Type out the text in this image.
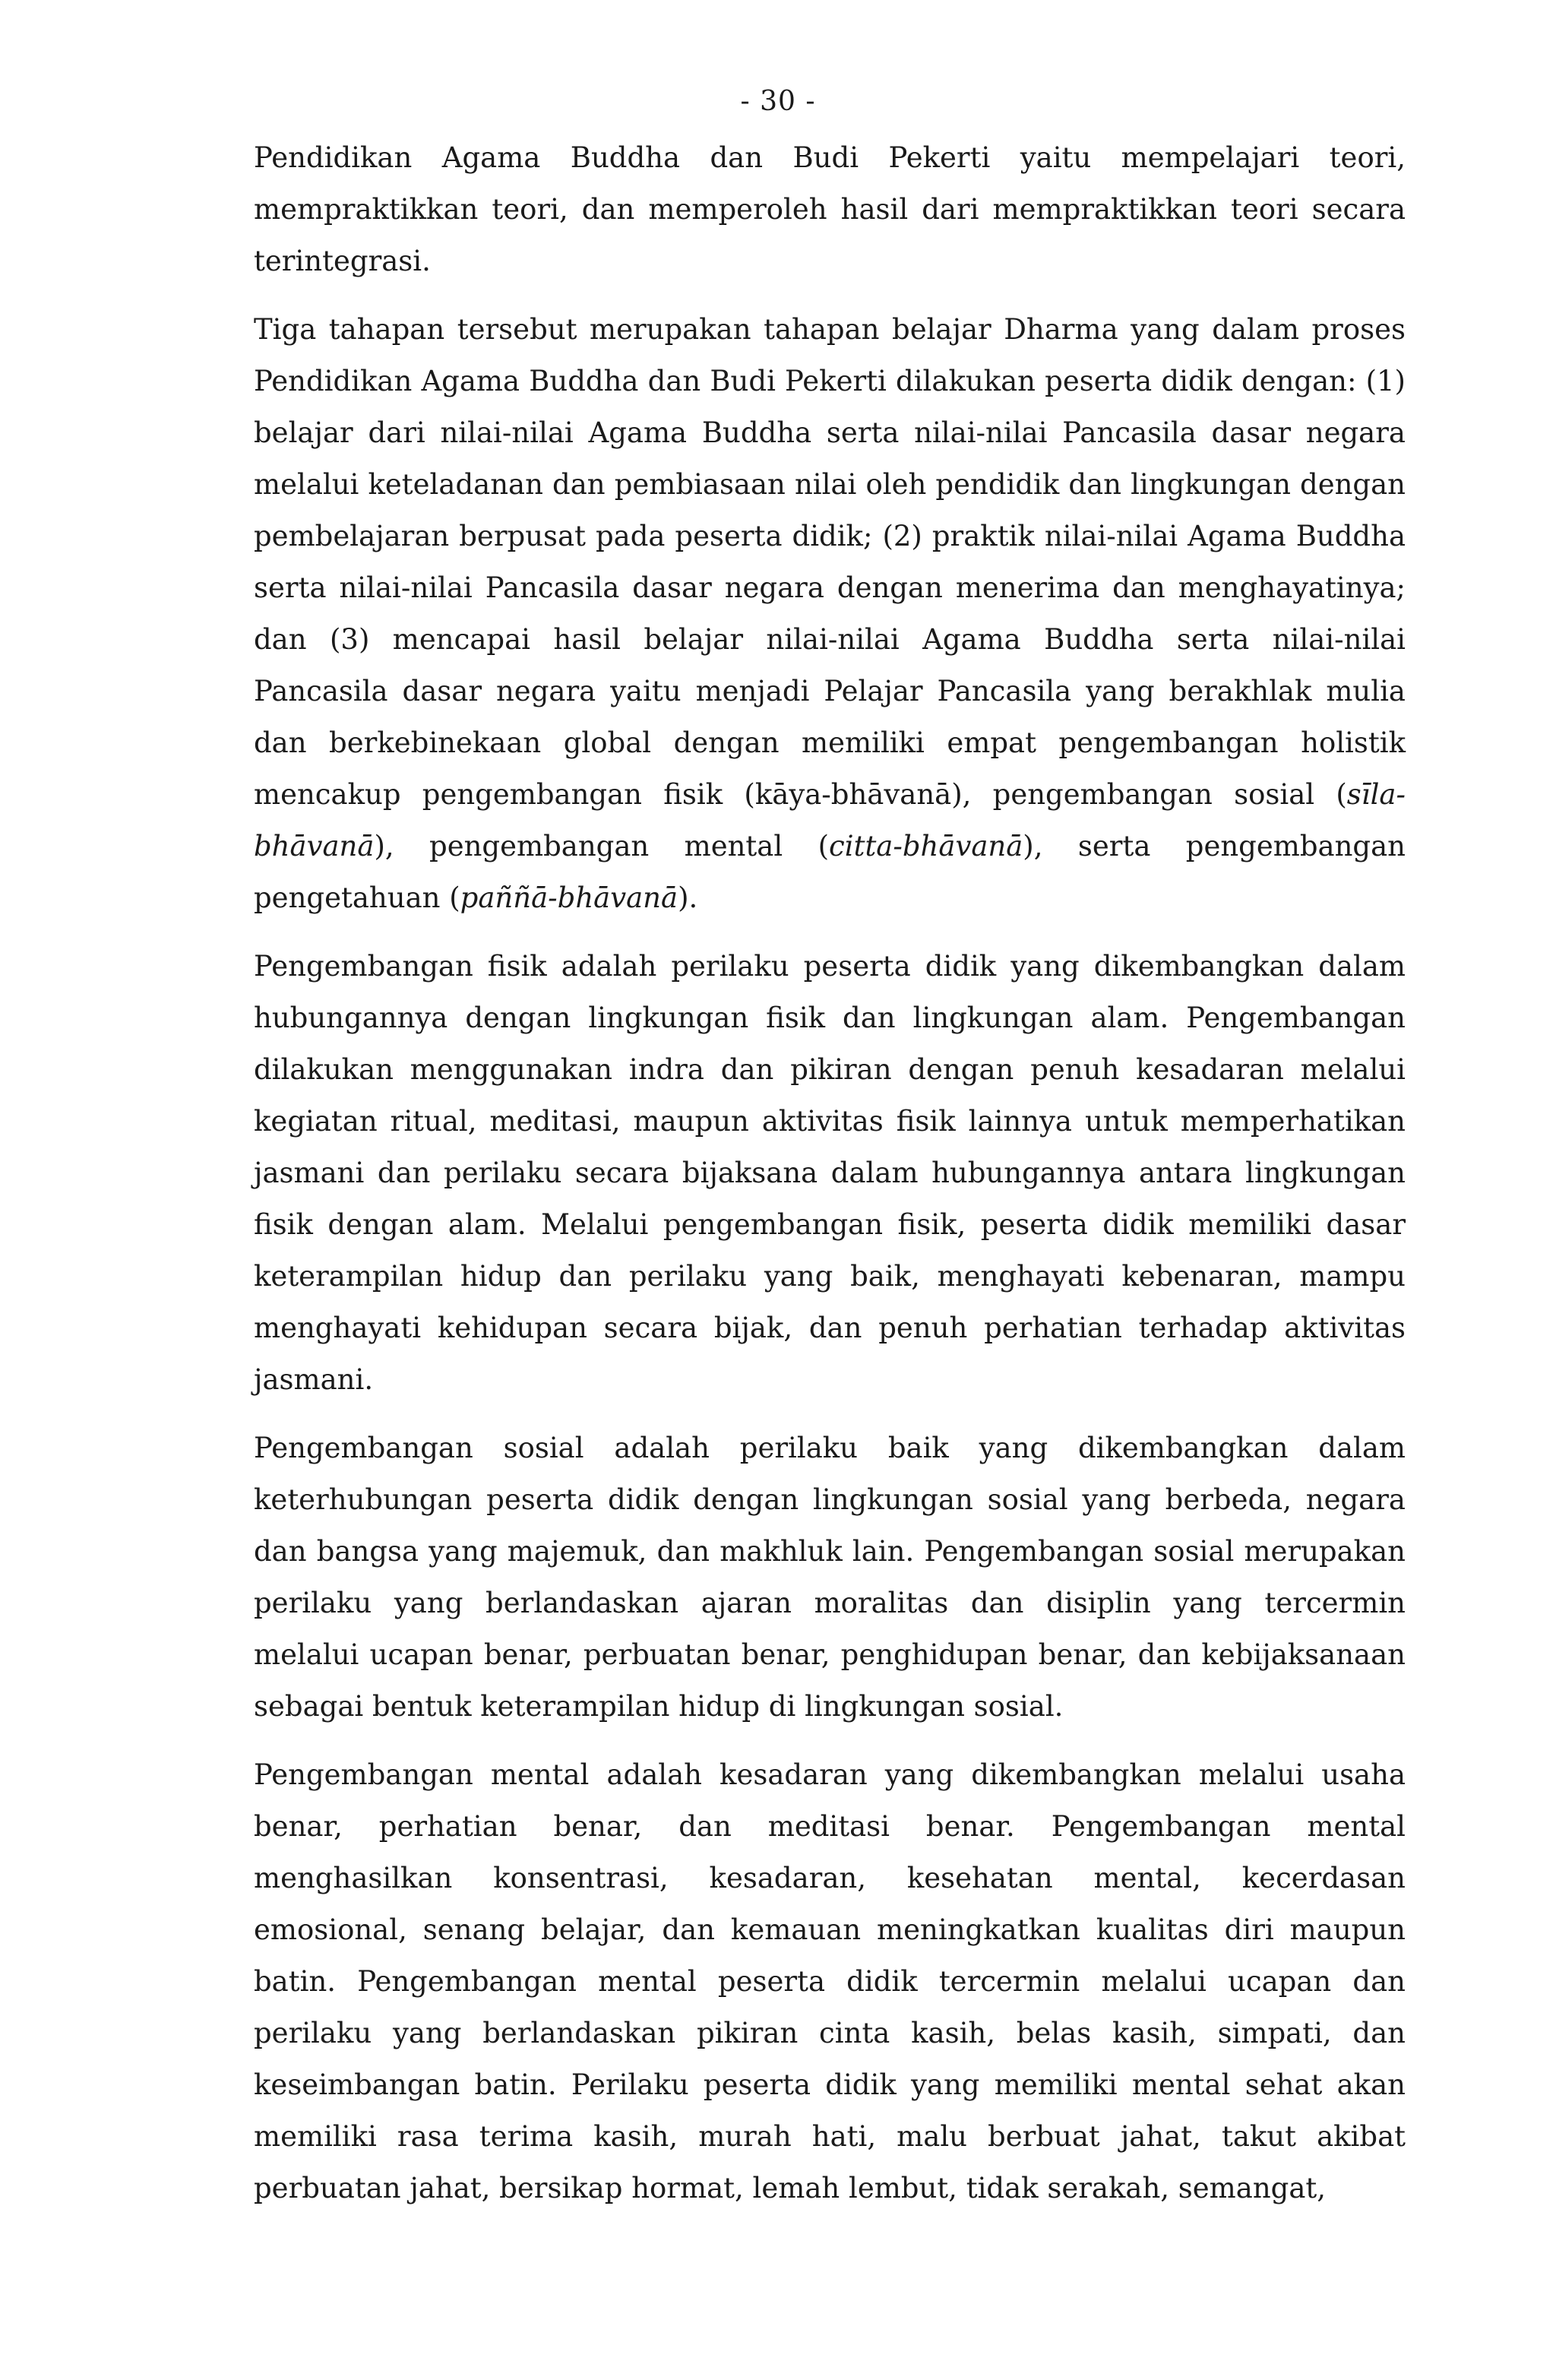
- 30 -

Pendidikan Agama Buddha dan Budi Pekerti yaitu mempelajari teori, mempraktikkan teori, dan memperoleh hasil dari mempraktikkan teori secara terintegrasi.

Tiga tahapan tersebut merupakan tahapan belajar Dharma yang dalam proses Pendidikan Agama Buddha dan Budi Pekerti dilakukan peserta didik dengan: (1) belajar dari nilai-nilai Agama Buddha serta nilai-nilai Pancasila dasar negara melalui keteladanan dan pembiasaan nilai oleh pendidik dan lingkungan dengan pembelajaran berpusat pada peserta didik; (2) praktik nilai-nilai Agama Buddha serta nilai-nilai Pancasila dasar negara dengan menerima dan menghayatinya; dan (3) mencapai hasil belajar nilai-nilai Agama Buddha serta nilai-nilai Pancasila dasar negara yaitu menjadi Pelajar Pancasila yang berakhlak mulia dan berkebinekaan global dengan memiliki empat pengembangan holistik mencakup pengembangan fisik (kāya-bhāvanā), pengembangan sosial (sīla-bhāvanā), pengembangan mental (citta-bhāvanā), serta pengembangan pengetahuan (paññā-bhāvanā).

Pengembangan fisik adalah perilaku peserta didik yang dikembangkan dalam hubungannya dengan lingkungan fisik dan lingkungan alam. Pengembangan dilakukan menggunakan indra dan pikiran dengan penuh kesadaran melalui kegiatan ritual, meditasi, maupun aktivitas fisik lainnya untuk memperhatikan jasmani dan perilaku secara bijaksana dalam hubungannya antara lingkungan fisik dengan alam. Melalui pengembangan fisik, peserta didik memiliki dasar keterampilan hidup dan perilaku yang baik, menghayati kebenaran, mampu menghayati kehidupan secara bijak, dan penuh perhatian terhadap aktivitas jasmani.

Pengembangan sosial adalah perilaku baik yang dikembangkan dalam keterhubungan peserta didik dengan lingkungan sosial yang berbeda, negara dan bangsa yang majemuk, dan makhluk lain. Pengembangan sosial merupakan perilaku yang berlandaskan ajaran moralitas dan disiplin yang tercermin melalui ucapan benar, perbuatan benar, penghidupan benar, dan kebijaksanaan sebagai bentuk keterampilan hidup di lingkungan sosial.

Pengembangan mental adalah kesadaran yang dikembangkan melalui usaha benar, perhatian benar, dan meditasi benar. Pengembangan mental menghasilkan konsentrasi, kesadaran, kesehatan mental, kecerdasan emosional, senang belajar, dan kemauan meningkatkan kualitas diri maupun batin. Pengembangan mental peserta didik tercermin melalui ucapan dan perilaku yang berlandaskan pikiran cinta kasih, belas kasih, simpati, dan keseimbangan batin. Perilaku peserta didik yang memiliki mental sehat akan memiliki rasa terima kasih, murah hati, malu berbuat jahat, takut akibat perbuatan jahat, bersikap hormat, lemah lembut, tidak serakah, semangat,
